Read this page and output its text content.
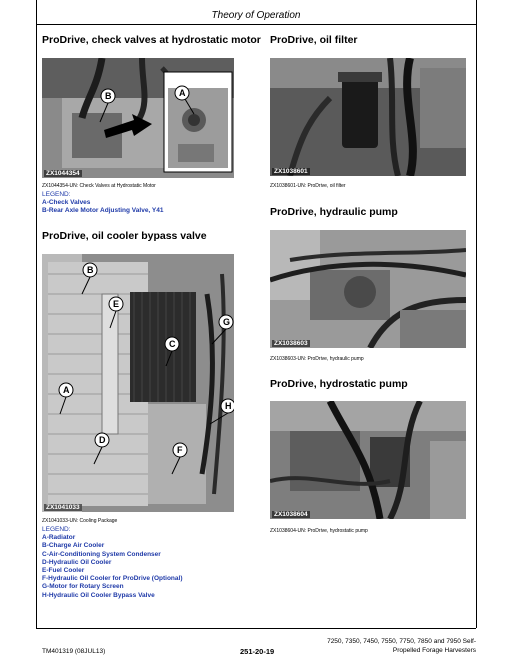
Theory of Operation
ProDrive, check valves at hydrostatic motor
B	A
ZX1044354
ZX1044354-UN: Check Valves at Hydrostatic Motor
LEGEND:
A-Check Valves
B-Rear Axle Motor Adjusting Valve, Y41
ProDrive, oil cooler bypass valve
B
E
C
G
A
H
D
F
ZX1041033
ZX1041033-UN: Cooling Package
LEGEND:
A-Radiator
B-Charge Air Cooler
C-Air-Conditioning System Condenser
D-Hydraulic Oil Cooler
E-Fuel Cooler
F-Hydraulic Oil Cooler for ProDrive (Optional)
G-Motor for Rotary Screen
H-Hydraulic Oil Cooler Bypass Valve
ProDrive, oil filter
ZX1038601
ZX1038601-UN: ProDrive, oil filter
ProDrive, hydraulic pump
ZX1038603
ZX1038603-UN: ProDrive, hydraulic pump
ProDrive, hydrostatic pump
ZX1038604
ZX1038604-UN: ProDrive, hydrostatic pump
TM401319 (08JUL13)	251-20-19
7250, 7350, 7450, 7550, 7750, 7850 and 7950 Self-
Propelled Forage Harvesters
